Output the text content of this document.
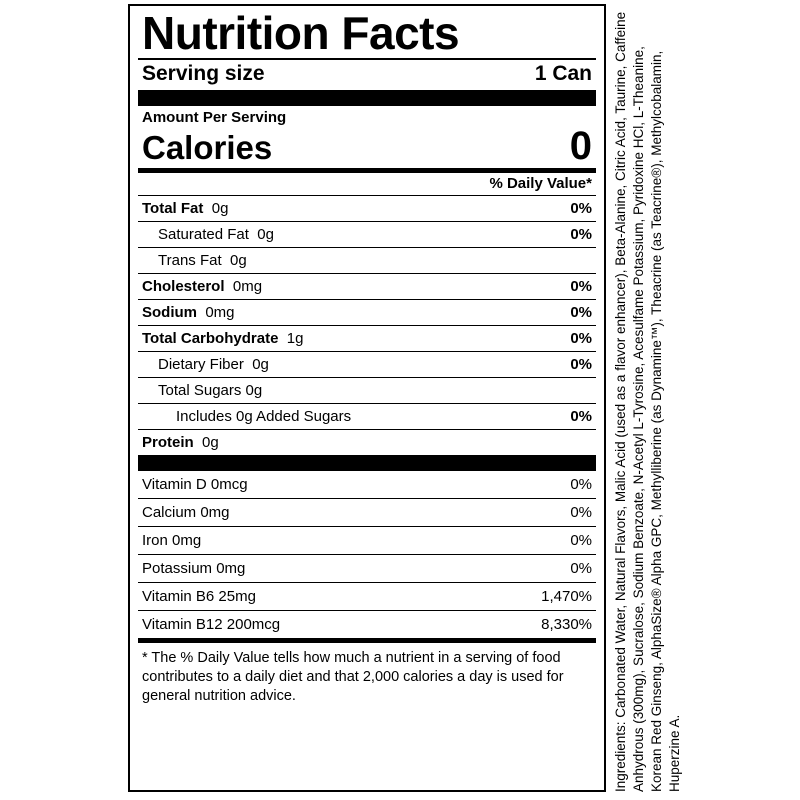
Nutrition Facts
Serving size	1 Can
Amount Per Serving
Calories	0
% Daily Value*
Total Fat 0g	0%
Saturated Fat 0g	0%
Trans Fat 0g
Cholesterol 0mg	0%
Sodium 0mg	0%
Total Carbohydrate 1g	0%
Dietary Fiber 0g	0%
Total Sugars 0g
Includes 0g Added Sugars	0%
Protein 0g
Vitamin D 0mcg	0%
Calcium 0mg	0%
Iron 0mg	0%
Potassium 0mg	0%
Vitamin B6 25mg	1,470%
Vitamin B12 200mcg	8,330%
* The % Daily Value tells how much a nutrient in a serving of food contributes to a daily diet and that 2,000 calories a day is used for general nutrition advice.	Ingredients: Carbonated Water, Natural Flavors, Malic Acid (used as a flavor enhancer), Beta-Alanine, Citric Acid, Taurine, Caffeine Anhydrous (300mg), Sucralose, Sodium Benzoate, N-Acetyl L-Tyrosine, Acesulfame Potassium, Pyridoxine HCl, L-Theanine, Korean Red Ginseng, AlphaSize® Alpha GPC, Methylliberine (as Dynamine™), Theacrine (as Teacrine®), Methylcobalamin, Huperzine A.
